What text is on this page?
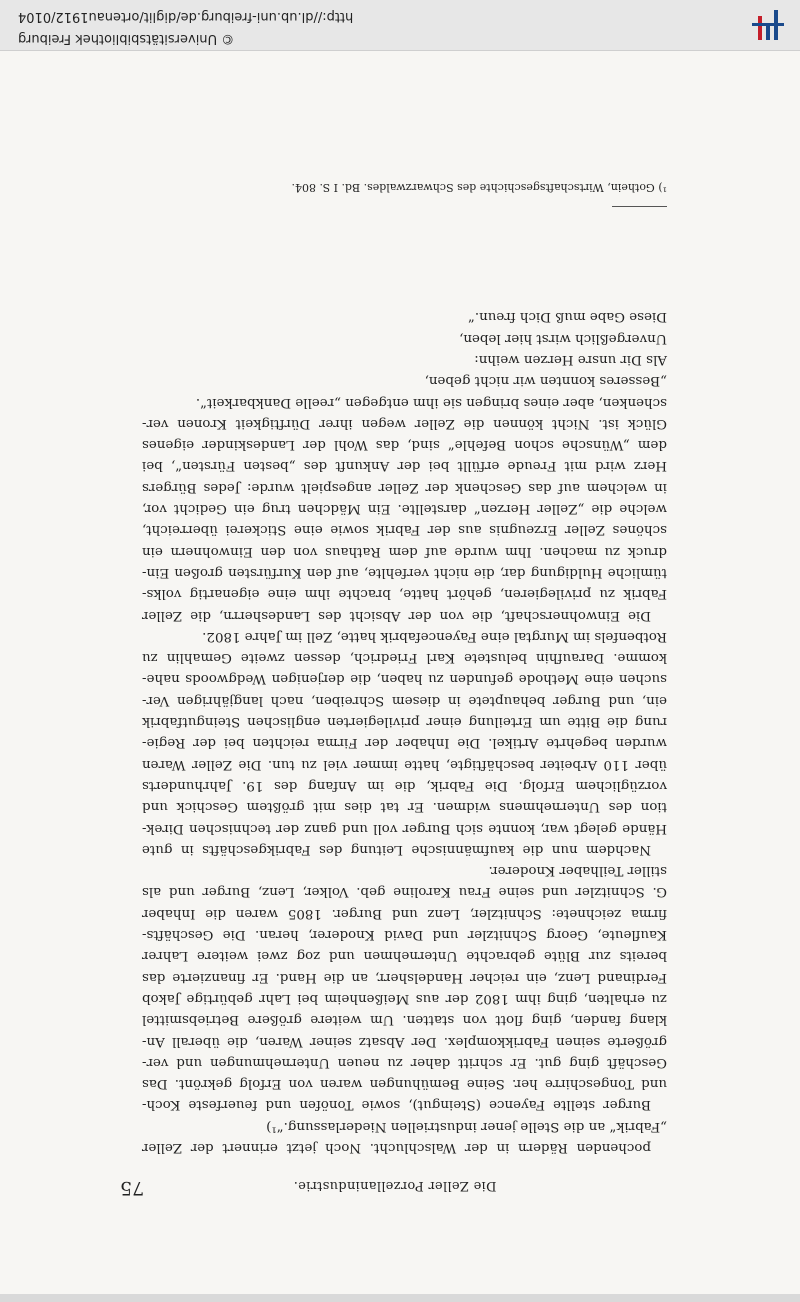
© Universitätsbibliothek Freiburg
http://dl.ub.uni-freiburg.de/diglit/ortenau1912/0104
Die Zeller Porzellanindustrie.
75
pochenden Rädern in der Walschlucht. Noch jetzt erinnert der Zeller
„Fabrik“ an die Stelle jener industriellen Niederlassung.“¹)
Burger stellte Fayence (Steingut), sowie Tonöfen und feuerfeste Koch-
und Tongeschirre her. Seine Bemühungen waren von Erfolg gekrönt. Das
Geschäft ging gut. Er schritt daher zu neuen Unternehmungen und ver-
größerte seinen Fabrikkomplex. Der Absatz seiner Waren, die überall An-
klang fanden, ging flott von statten. Um weitere größere Betriebsmittel
zu erhalten, ging ihm 1802 der aus Meißenheim bei Lahr gebürtige Jakob
Ferdinand Lenz, ein reicher Handelsherr, an die Hand. Er finanzierte das
bereits zur Blüte gebrachte Unternehmen und zog zwei weitere Lahrer
Kaufleute, Georg Schnitzler und David Knoderer, heran. Die Geschäfts-
firma zeichnete: Schnitzler, Lenz und Burger. 1805 waren die Inhaber
G. Schnitzler und seine Frau Karoline geb. Volker, Lenz, Burger und als
stiller Teilhaber Knoderer.
Nachdem nun die kaufmännische Leitung des Fabrikgeschäfts in gute
Hände gelegt war, konnte sich Burger voll und ganz der technischen Direk-
tion des Unternehmens widmen. Er tat dies mit größtem Geschick und
vorzüglichem Erfolg. Die Fabrik, die im Anfang des 19. Jahrhunderts
über 110 Arbeiter beschäftigte, hatte immer viel zu tun. Die Zeller Waren
wurden begehrte Artikel. Die Inhaber der Firma reichten bei der Regie-
rung die Bitte um Erteilung einer privilegierten englischen Steingutfabrik
ein, und Burger behauptete in diesem Schreiben, nach langjährigen Ver-
suchen eine Methode gefunden zu haben, die derjenigen Wedgwoods nahe-
komme. Daraufhin belustete Karl Friedrich, dessen zweite Gemahlin zu
Rotbenfels im Murgtal eine Fayencefabrik hatte, Zell im Jahre 1802.
Die Einwohnerschaft, die von der Absicht des Landesherrn, die Zeller
Fabrik zu privilegieren, gehört hatte, brachte ihm eine eigenartig volks-
tümliche Huldigung dar, die nicht verfehlte, auf den Kurfürsten großen Ein-
druck zu machen. Ihm wurde auf dem Rathaus von den Einwohnern ein
schönes Zeller Erzeugnis aus der Fabrik sowie eine Stickerei überreicht,
welche die „Zeller Herzen“ darstellte. Ein Mädchen trug ein Gedicht vor,
in welchem auf das Geschenk der Zeller angespielt wurde: Jedes Bürgers
Herz wird mit Freude erfüllt bei der Ankunft des „besten Fürsten“, bei
dem „Wünsche schon Befehle“ sind, das Wohl der Landeskinder eigenes
Glück ist. Nicht können die Zeller wegen ihrer Dürftigkeit Kronen ver-
schenken, aber eines bringen sie ihm entgegen „reelle Dankbarkeit“.
„Besseres konnten wir nicht geben,
Als Dir unsre Herzen weihn:
Unvergeßlich wirst hier leben,
Diese Gabe muß Dich freun.“
¹) Gothein, Wirtschaftsgeschichte des Schwarzwaldes. Bd. I S. 804.
